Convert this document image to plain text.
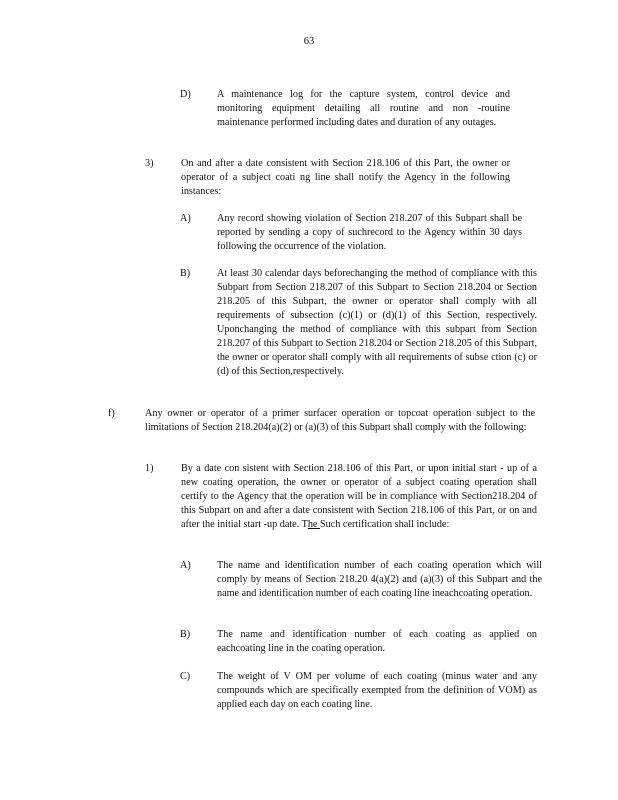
63
D)	A maintenance log for the capture system, control device and monitoring equipment detailing all routine and non -routine maintenance performed including dates and duration of any outages.
3)	On and after a date consistent with Section 218.106 of this Part, the owner or operator of a subject coati ng line shall notify the Agency in the following instances:
A)	Any record showing violation of Section 218.207 of this Subpart shall be reported by sending a copy of suchrecord to the Agency within 30 days following the occurrence of the violation.
B)	At least 30 calendar days beforechanging the method of compliance with this Subpart from Section 218.207 of this Subpart to Section 218.204 or Section 218.205 of this Subpart, the owner or operator shall comply with all requirements of subsection (c)(1) or (d)(1) of this Section, respectively. Uponchanging the method of compliance with this subpart from Section 218.207 of this Subpart to Section 218.204 or Section 218.205 of this Subpart, the owner or operator shall comply with all requirements of subse ction (c) or (d) of this Section,respectively.
f)	Any owner or operator of a primer surfacer operation or topcoat operation subject to the limitations of Section 218.204(a)(2) or (a)(3) of this Subpart shall comply with the following:
1)	By a date con sistent with Section 218.106 of this Part, or upon initial start - up of a new coating operation, the owner or operator of a subject coating operation shall certify to the Agency that the operation will be in compliance with Section218.204 of this Subpart on and after a date consistent with Section 218.106 of this Part, or on and after the initial start -up date. The Such certification shall include:
A)	The name and identification number of each coating operation which will comply by means of Section 218.20 4(a)(2) and (a)(3) of this Subpart and the name and identification number of each coating line ineachcoating operation.
B)	The name and identification number of each coating as applied on eachcoating line in the coating operation.
C)	The weight of V OM per volume of each coating (minus water and any compounds which are specifically exempted from the definition of VOM) as applied each day on each coating line.
